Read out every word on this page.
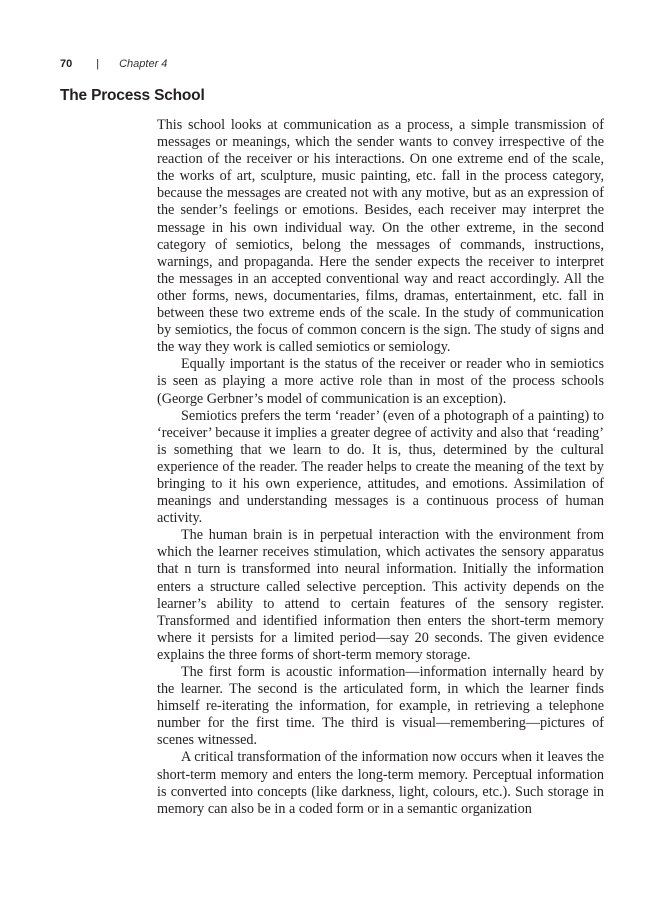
70 | Chapter 4
The Process School

This school looks at communication as a process, a simple transmission of messages or meanings, which the sender wants to convey irrespective of the reaction of the receiver or his interactions. On one extreme end of the scale, the works of art, sculpture, music painting, etc. fall in the process category, because the messages are created not with any motive, but as an expression of the sender’s feelings or emotions. Besides, each receiver may interpret the message in his own individual way. On the other extreme, in the second category of semiotics, belong the messages of commands, instructions, warnings, and propaganda. Here the sender expects the receiver to interpret the messages in an accepted conventional way and react accordingly. All the other forms, news, documentaries, films, dramas, entertainment, etc. fall in between these two extreme ends of the scale. In the study of communication by semiotics, the focus of common concern is the sign. The study of signs and the way they work is called semiotics or semiology.

Equally important is the status of the receiver or reader who in semiotics is seen as playing a more active role than in most of the process schools (George Gerbner’s model of communication is an exception).

Semiotics prefers the term ‘reader’ (even of a photograph of a painting) to ‘receiver’ because it implies a greater degree of activity and also that ‘reading’ is something that we learn to do. It is, thus, determined by the cultural experience of the reader. The reader helps to create the meaning of the text by bringing to it his own experience, attitudes, and emotions. Assimilation of meanings and understanding messages is a continuous process of human activity.

The human brain is in perpetual interaction with the environment from which the learner receives stimulation, which activates the sensory apparatus that n turn is transformed into neural information. Initially the information enters a structure called selective perception. This activity depends on the learner’s ability to attend to certain features of the sensory register. Transformed and identified information then enters the short-term memory where it persists for a limited period—say 20 seconds. The given evidence explains the three forms of short-term memory storage.

The first form is acoustic information—information internally heard by the learner. The second is the articulated form, in which the learner finds himself re-iterating the information, for example, in retrieving a telephone number for the first time. The third is visual—remembering—pictures of scenes witnessed.

A critical transformation of the information now occurs when it leaves the short-term memory and enters the long-term memory. Perceptual information is converted into concepts (like darkness, light, colours, etc.). Such storage in memory can also be in a coded form or in a semantic organization
